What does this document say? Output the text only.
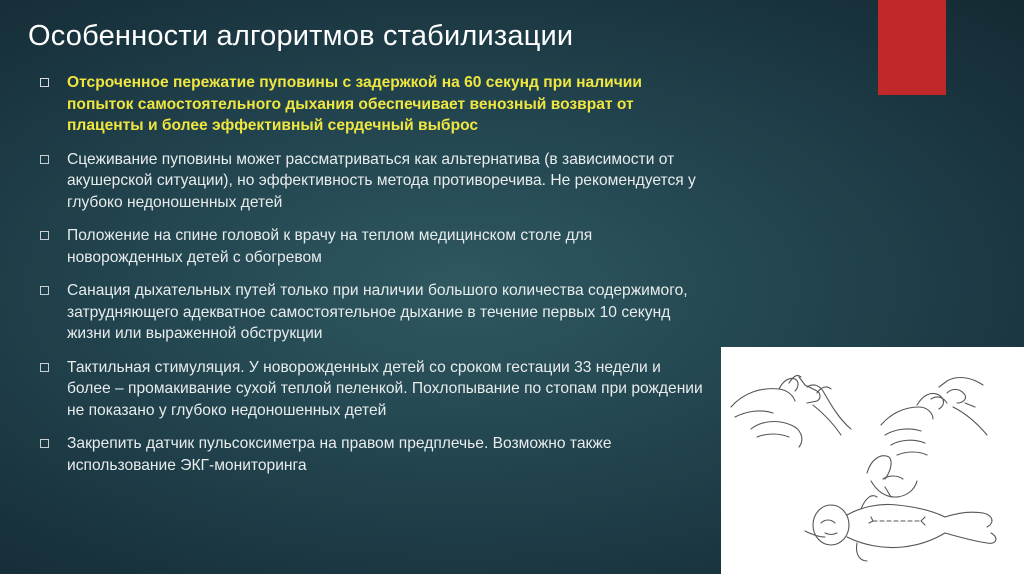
Особенности алгоритмов стабилизации
Отсроченное пережатие пуповины с задержкой на 60 секунд при наличии попыток самостоятельного дыхания обеспечивает венозный возврат от плаценты и более эффективный сердечный выброс
Сцеживание пуповины может рассматриваться как альтернатива (в зависимости от акушерской ситуации), но эффективность метода противоречива. Не рекомендуется у глубоко недоношенных детей
Положение на спине головой к врачу на теплом медицинском столе для новорожденных детей с обогревом
Санация дыхательных путей только при наличии большого количества содержимого, затрудняющего адекватное самостоятельное дыхание в течение первых 10 секунд жизни или выраженной обструкции
Тактильная стимуляция. У новорожденных детей со сроком гестации 33 недели и более – промакивание сухой теплой пеленкой. Похлопывание по стопам при рождении не показано у глубоко недоношенных детей
Закрепить датчик пульсоксиметра на правом предплечье. Возможно также использование ЭКГ-мониторинга
